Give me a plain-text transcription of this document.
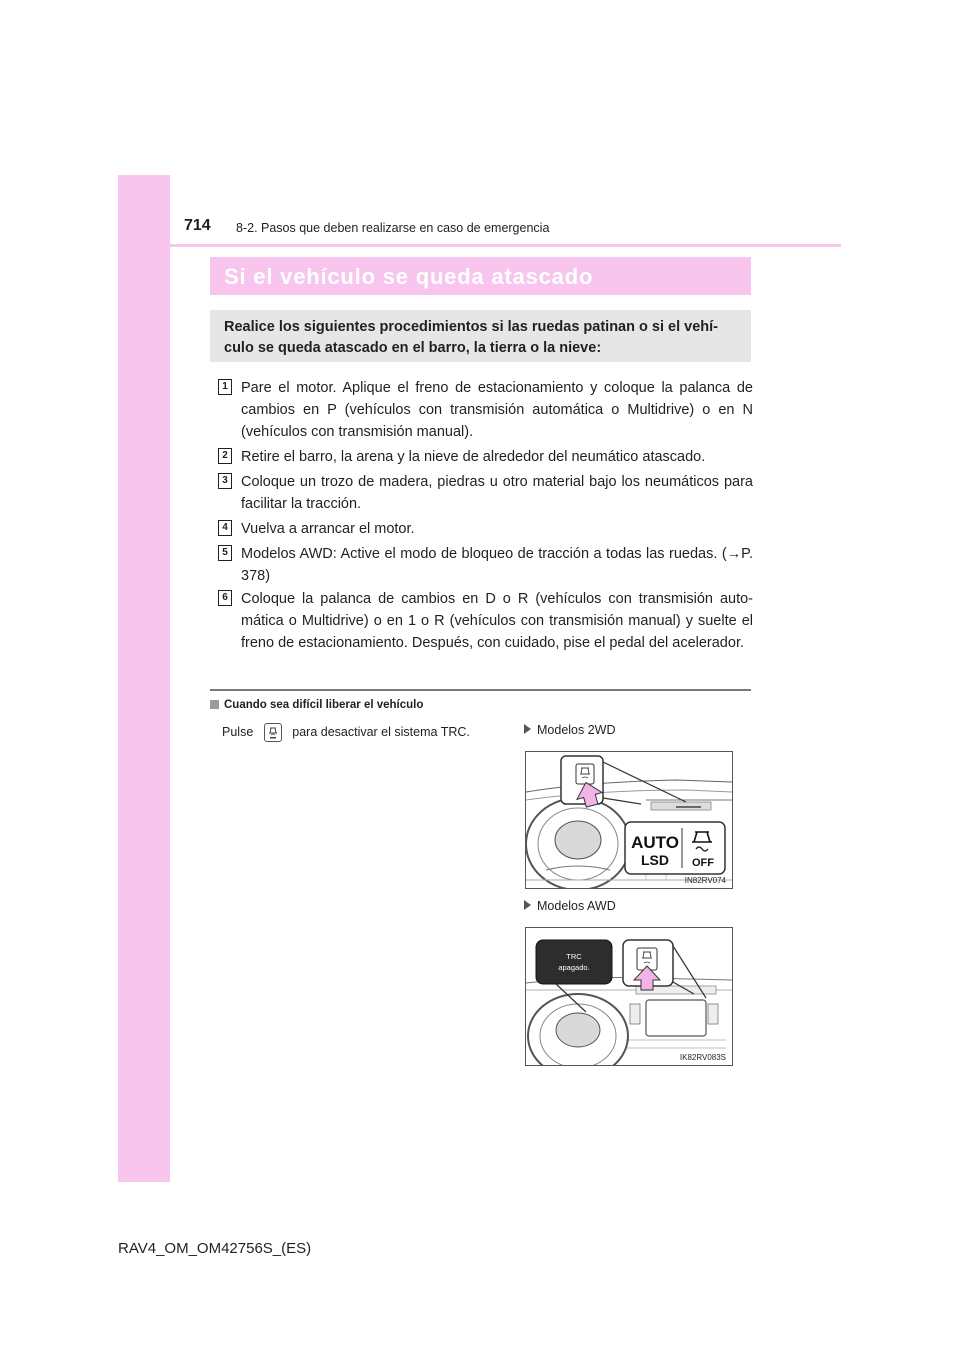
714 8-2. Pasos que deben realizarse en caso de emergencia
Si el vehículo se queda atascado
Realice los siguientes procedimientos si las ruedas patinan o si el vehí-culo se queda atascado en el barro, la tierra o la nieve:
1 Pare el motor. Aplique el freno de estacionamiento y coloque la palanca de cambios en P (vehículos con transmisión automática o Multidrive) o en N (vehículos con transmisión manual).
2 Retire el barro, la arena y la nieve de alrededor del neumático atascado.
3 Coloque un trozo de madera, piedras u otro material bajo los neumáticos para facilitar la tracción.
4 Vuelva a arrancar el motor.
5 Modelos AWD: Active el modo de bloqueo de tracción a todas las ruedas. (→P. 378)
6 Coloque la palanca de cambios en D o R (vehículos con transmisión auto-mática o Multidrive) o en 1 o R (vehículos con transmisión manual) y suelte el freno de estacionamiento. Después, con cuidado, pise el pedal del acelerador.
Cuando sea difícil liberar el vehículo
Pulse	para desactivar el sistema TRC.	Modelos 2WD
AUTO
LSD OFF
IN82RV074
Modelos AWD
TRC
apagado.
IK82RV083S
RAV4_OM_OM42756S_(ES)
